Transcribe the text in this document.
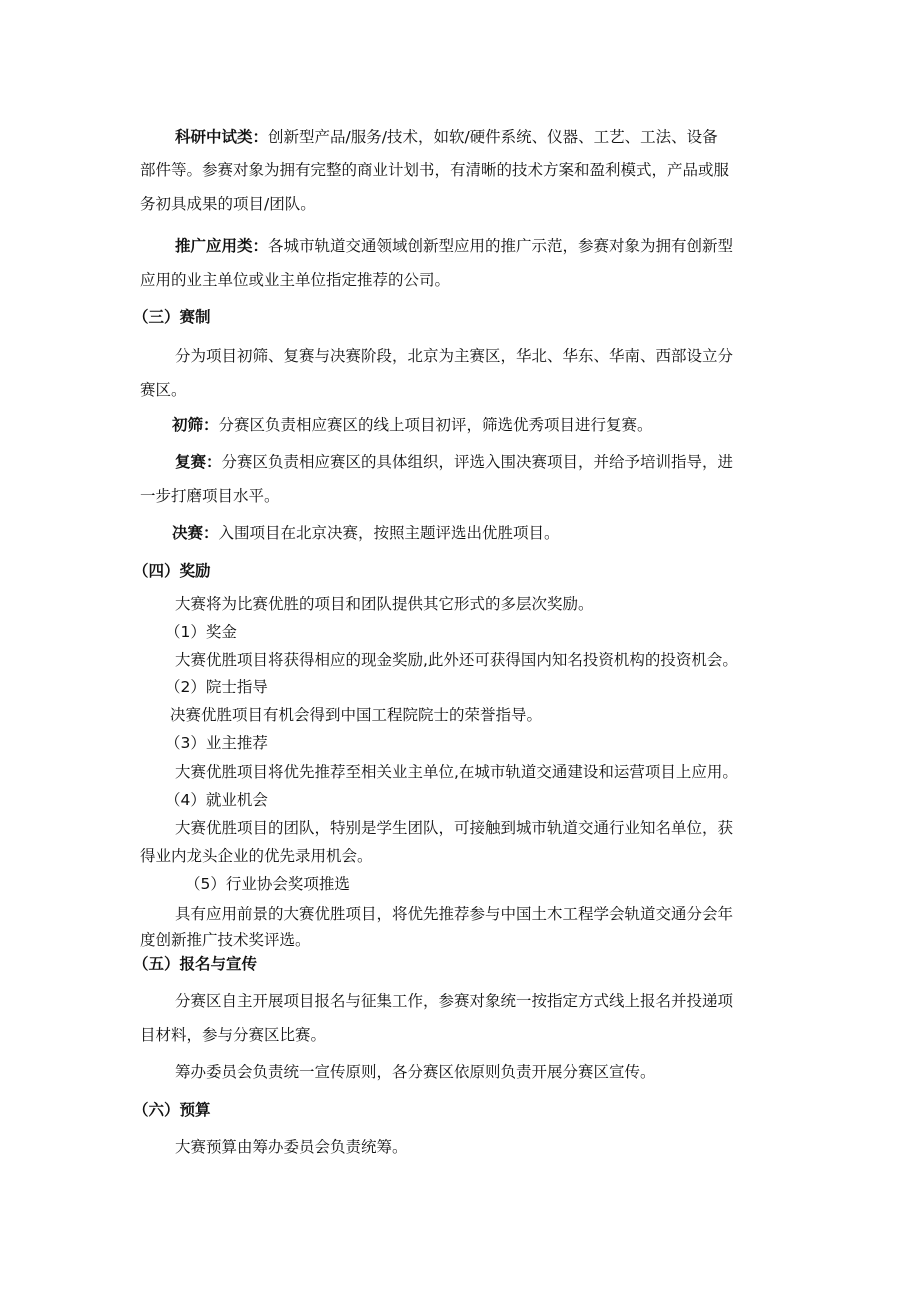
科研中试类：创新型产品/服务/技术，如软/硬件系统、仪器、工艺、工法、设备
部件等。参赛对象为拥有完整的商业计划书，有清晰的技术方案和盈利模式，产品或服
务初具成果的项目/团队。
推广应用类：各城市轨道交通领域创新型应用的推广示范，参赛对象为拥有创新型
应用的业主单位或业主单位指定推荐的公司。
（三）赛制
分为项目初筛、复赛与决赛阶段，北京为主赛区，华北、华东、华南、西部设立分
赛区。
初筛：分赛区负责相应赛区的线上项目初评，筛选优秀项目进行复赛。
复赛：分赛区负责相应赛区的具体组织，评选入围决赛项目，并给予培训指导，进
一步打磨项目水平。
决赛：入围项目在北京决赛，按照主题评选出优胜项目。
（四）奖励
大赛将为比赛优胜的项目和团队提供其它形式的多层次奖励。
（1）奖金
大赛优胜项目将获得相应的现金奖励,此外还可获得国内知名投资机构的投资机会。
（2）院士指导
决赛优胜项目有机会得到中国工程院院士的荣誉指导。
（3）业主推荐
大赛优胜项目将优先推荐至相关业主单位,在城市轨道交通建设和运营项目上应用。
（4）就业机会
大赛优胜项目的团队，特别是学生团队，可接触到城市轨道交通行业知名单位，获
得业内龙头企业的优先录用机会。
（5）行业协会奖项推选
具有应用前景的大赛优胜项目，将优先推荐参与中国土木工程学会轨道交通分会年
度创新推广技术奖评选。
（五）报名与宣传
分赛区自主开展项目报名与征集工作，参赛对象统一按指定方式线上报名并投递项
目材料，参与分赛区比赛。
筹办委员会负责统一宣传原则，各分赛区依原则负责开展分赛区宣传。
（六）预算
大赛预算由筹办委员会负责统筹。
